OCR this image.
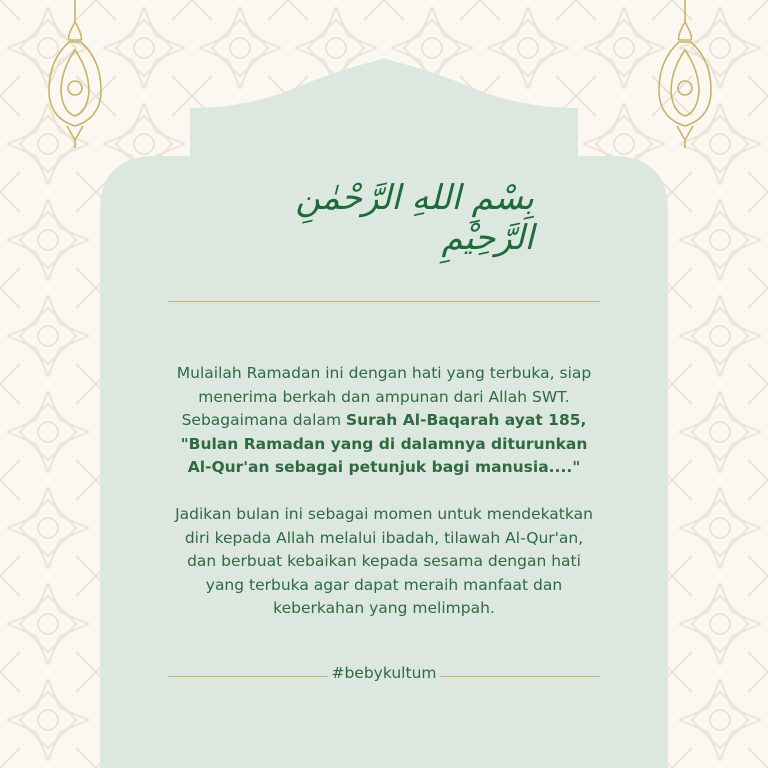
بِسْمِ اللهِ الرَّحْمٰنِ الرَّحِيْمِ
Mulailah Ramadan ini dengan hati yang terbuka, siap
menerima berkah dan ampunan dari Allah SWT.
Sebagaimana dalam Surah Al-Baqarah ayat 185,
"Bulan Ramadan yang di dalamnya diturunkan
Al-Qur'an sebagai petunjuk bagi manusia...."
Jadikan bulan ini sebagai momen untuk mendekatkan
diri kepada Allah melalui ibadah, tilawah Al-Qur'an,
dan berbuat kebaikan kepada sesama dengan hati
yang terbuka agar dapat meraih manfaat dan
keberkahan yang melimpah.
#bebykultum
